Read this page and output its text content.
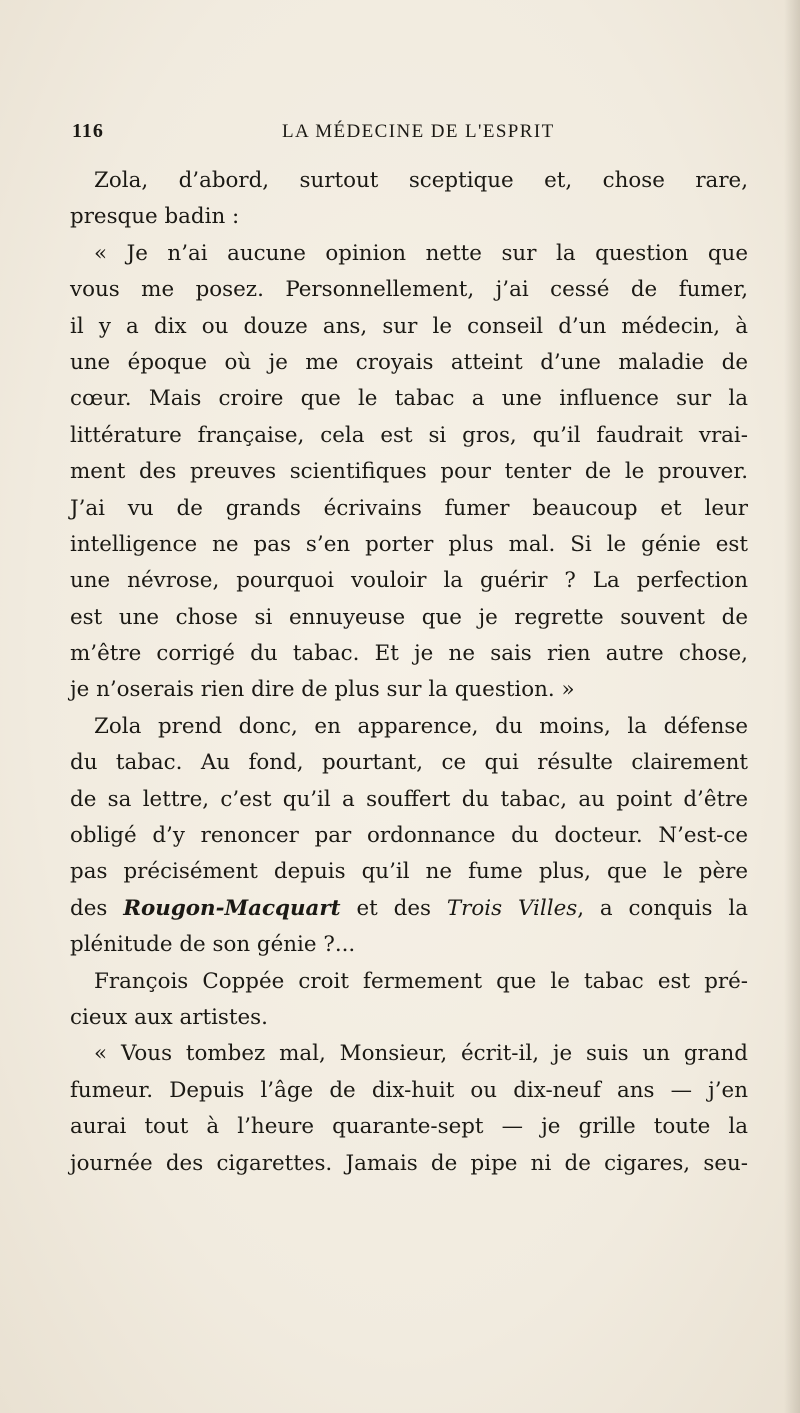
116	LA MÉDECINE DE L'ESPRIT
Zola, d’abord, surtout sceptique et, chose rare,
presque badin :
« Je n’ai aucune opinion nette sur la question que
vous me posez. Personnellement, j’ai cessé de fumer,
il y a dix ou douze ans, sur le conseil d’un médecin, à
une époque où je me croyais atteint d’une maladie de
cœur. Mais croire que le tabac a une influence sur la
littérature française, cela est si gros, qu’il faudrait vrai-
ment des preuves scientifiques pour tenter de le prouver.
J’ai vu de grands écrivains fumer beaucoup et leur
intelligence ne pas s’en porter plus mal. Si le génie est
une névrose, pourquoi vouloir la guérir ? La perfection
est une chose si ennuyeuse que je regrette souvent de
m’être corrigé du tabac. Et je ne sais rien autre chose,
je n’oserais rien dire de plus sur la question. »
Zola prend donc, en apparence, du moins, la défense
du tabac. Au fond, pourtant, ce qui résulte clairement
de sa lettre, c’est qu’il a souffert du tabac, au point d’être
obligé d’y renoncer par ordonnance du docteur. N’est-ce
pas précisément depuis qu’il ne fume plus, que le père
des Rougon-Macquart et des Trois Villes, a conquis la
plénitude de son génie ?...
François Coppée croit fermement que le tabac est pré-
cieux aux artistes.
« Vous tombez mal, Monsieur, écrit-il, je suis un grand
fumeur. Depuis l’âge de dix-huit ou dix-neuf ans — j’en
aurai tout à l’heure quarante-sept — je grille toute la
journée des cigarettes. Jamais de pipe ni de cigares, seu-
